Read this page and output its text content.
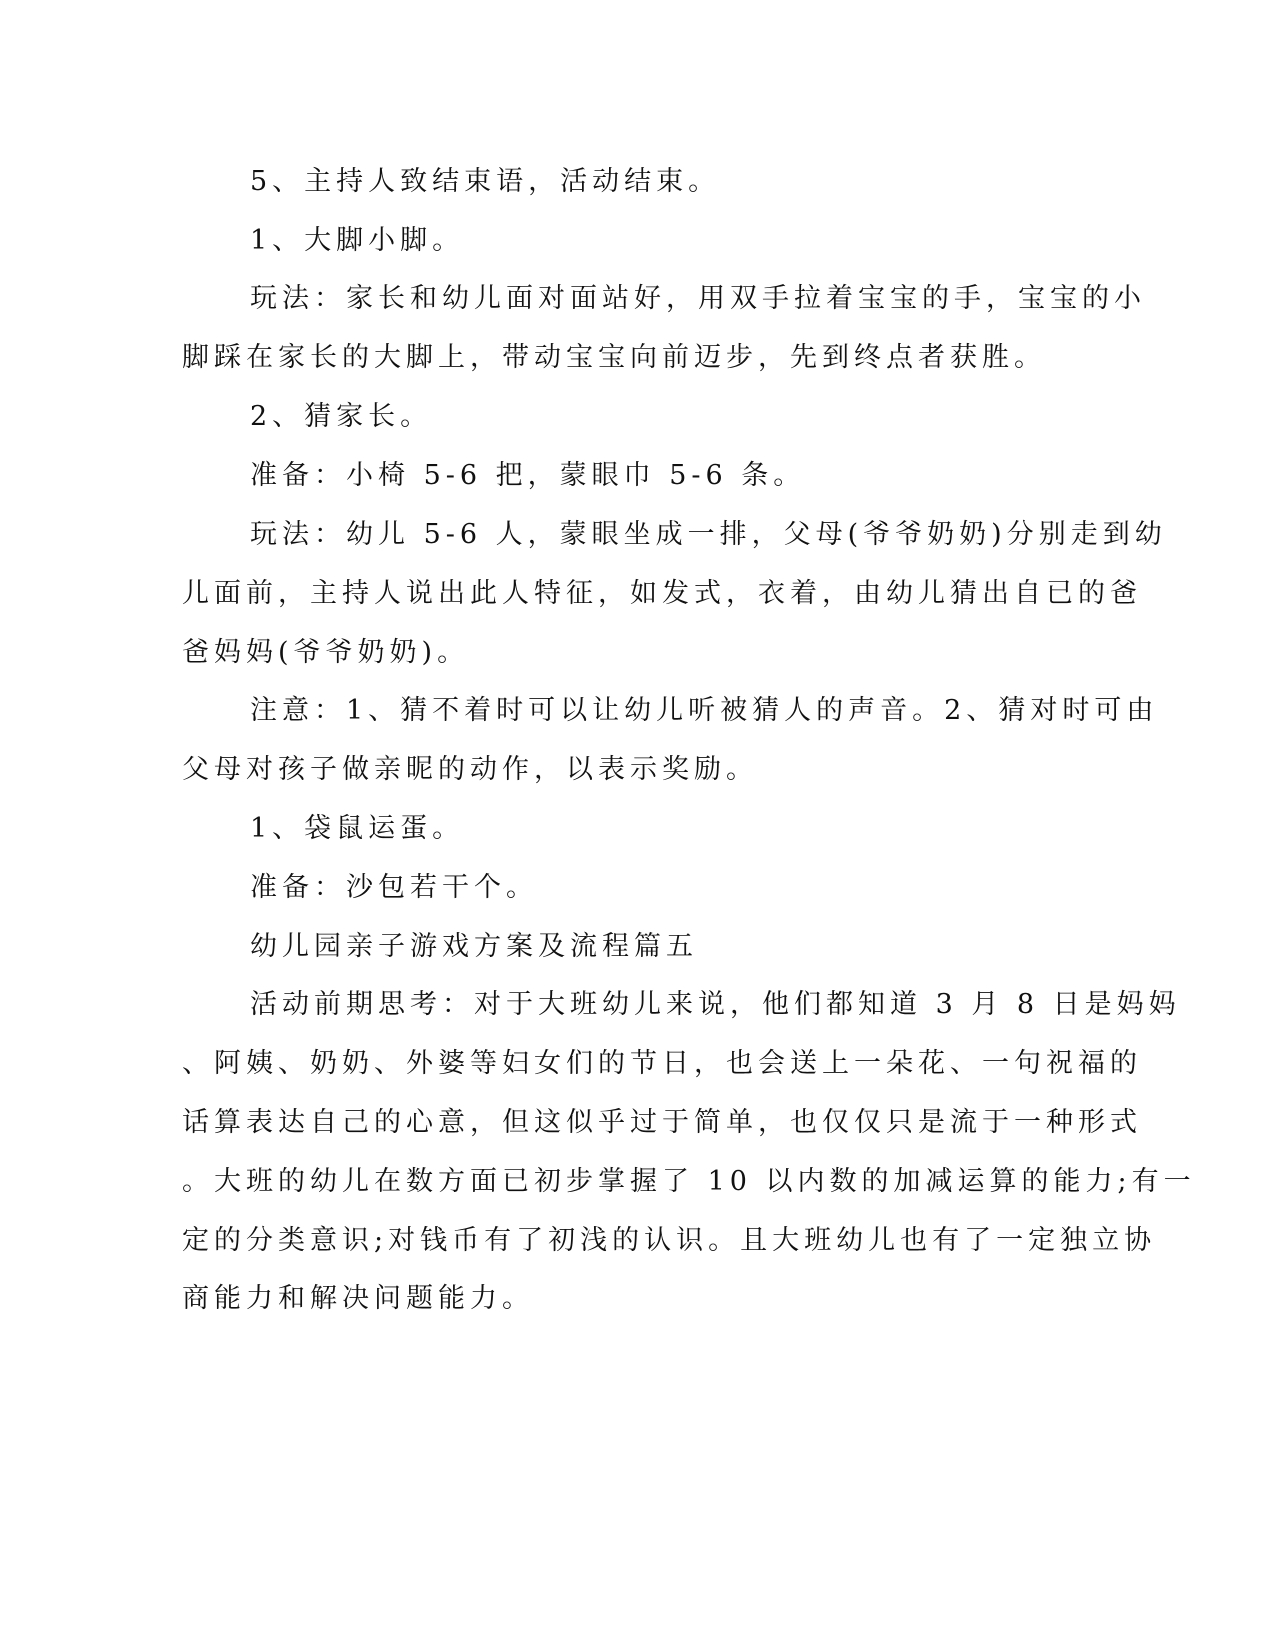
5、主持人致结束语，活动结束。
1、大脚小脚。
玩法：家长和幼儿面对面站好，用双手拉着宝宝的手，宝宝的小
脚踩在家长的大脚上，带动宝宝向前迈步，先到终点者获胜。
2、猜家长。
准备：小椅 5-6 把，蒙眼巾 5-6 条。
玩法：幼儿 5-6 人，蒙眼坐成一排，父母(爷爷奶奶)分别走到幼
儿面前，主持人说出此人特征，如发式，衣着，由幼儿猜出自已的爸
爸妈妈(爷爷奶奶)。
注意：1、猜不着时可以让幼儿听被猜人的声音。2、猜对时可由
父母对孩子做亲昵的动作，以表示奖励。
1、袋鼠运蛋。
准备：沙包若干个。
幼儿园亲子游戏方案及流程篇五
活动前期思考：对于大班幼儿来说，他们都知道 3 月 8 日是妈妈
、阿姨、奶奶、外婆等妇女们的节日，也会送上一朵花、一句祝福的
话算表达自己的心意，但这似乎过于简单，也仅仅只是流于一种形式
。大班的幼儿在数方面已初步掌握了 10 以内数的加减运算的能力;有一
定的分类意识;对钱币有了初浅的认识。且大班幼儿也有了一定独立协
商能力和解决问题能力。
